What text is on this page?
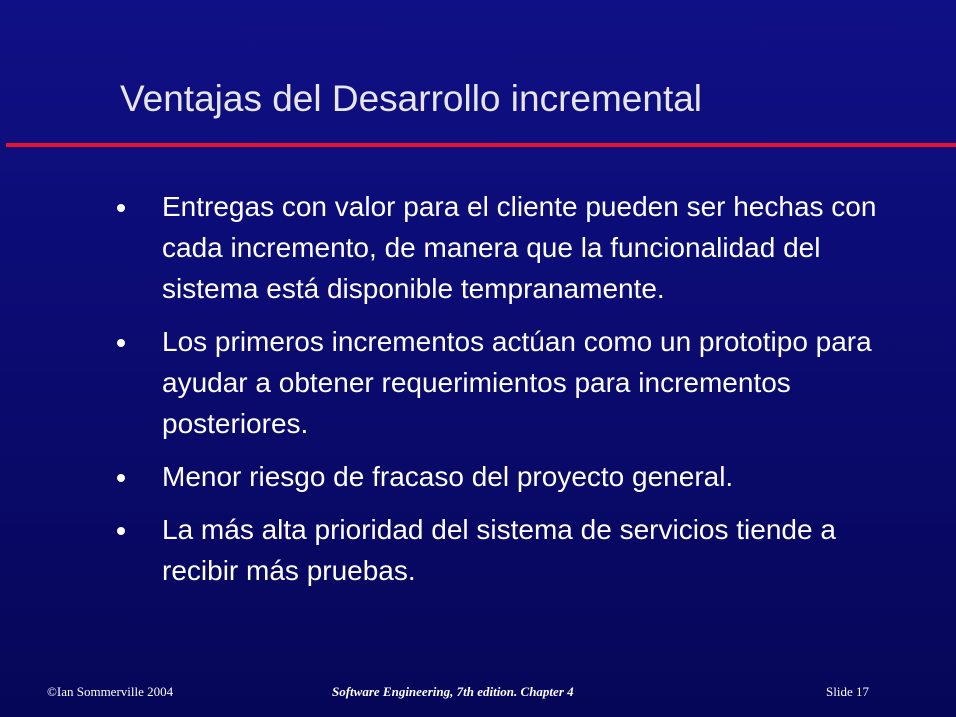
Ventajas del Desarrollo incremental
Entregas con valor para el cliente pueden ser hechas con cada incremento, de manera que la funcionalidad del sistema está disponible tempranamente.
Los primeros incrementos actúan como un prototipo para ayudar a obtener requerimientos para incrementos posteriores.
Menor riesgo de fracaso del proyecto general.
La más alta prioridad del sistema de servicios tiende a recibir más pruebas.
©Ian Sommerville 2004	Software Engineering, 7th edition. Chapter 4	Slide 17
